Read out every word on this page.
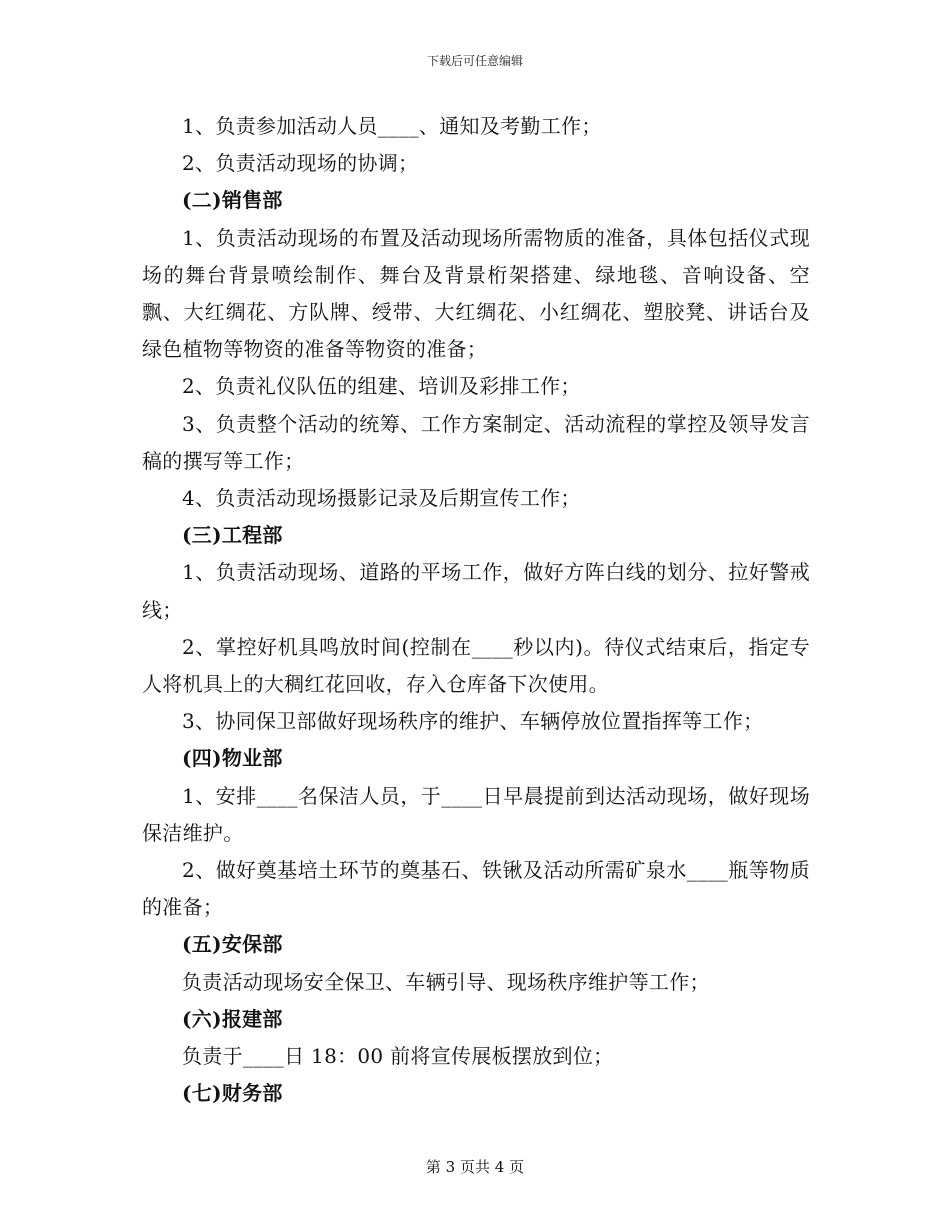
下载后可任意编辑

1、负责参加活动人员____、通知及考勤工作；

2、负责活动现场的协调；

(二)销售部

1、负责活动现场的布置及活动现场所需物质的准备，具体包括仪式现场的舞台背景喷绘制作、舞台及背景桁架搭建、绿地毯、音响设备、空飘、大红绸花、方队牌、绶带、大红绸花、小红绸花、塑胶凳、讲话台及绿色植物等物资的准备等物资的准备；

2、负责礼仪队伍的组建、培训及彩排工作；

3、负责整个活动的统筹、工作方案制定、活动流程的掌控及领导发言稿的撰写等工作；

4、负责活动现场摄影记录及后期宣传工作；

(三)工程部

1、负责活动现场、道路的平场工作，做好方阵白线的划分、拉好警戒线；

2、掌控好机具鸣放时间(控制在____秒以内)。待仪式结束后，指定专人将机具上的大稠红花回收，存入仓库备下次使用。

3、协同保卫部做好现场秩序的维护、车辆停放位置指挥等工作；

(四)物业部

1、安排____名保洁人员，于____日早晨提前到达活动现场，做好现场保洁维护。

2、做好奠基培土环节的奠基石、铁锹及活动所需矿泉水____瓶等物质的准备；

(五)安保部

负责活动现场安全保卫、车辆引导、现场秩序维护等工作；

(六)报建部

负责于____日 18：00 前将宣传展板摆放到位；

(七)财务部

第 3 页共 4 页
